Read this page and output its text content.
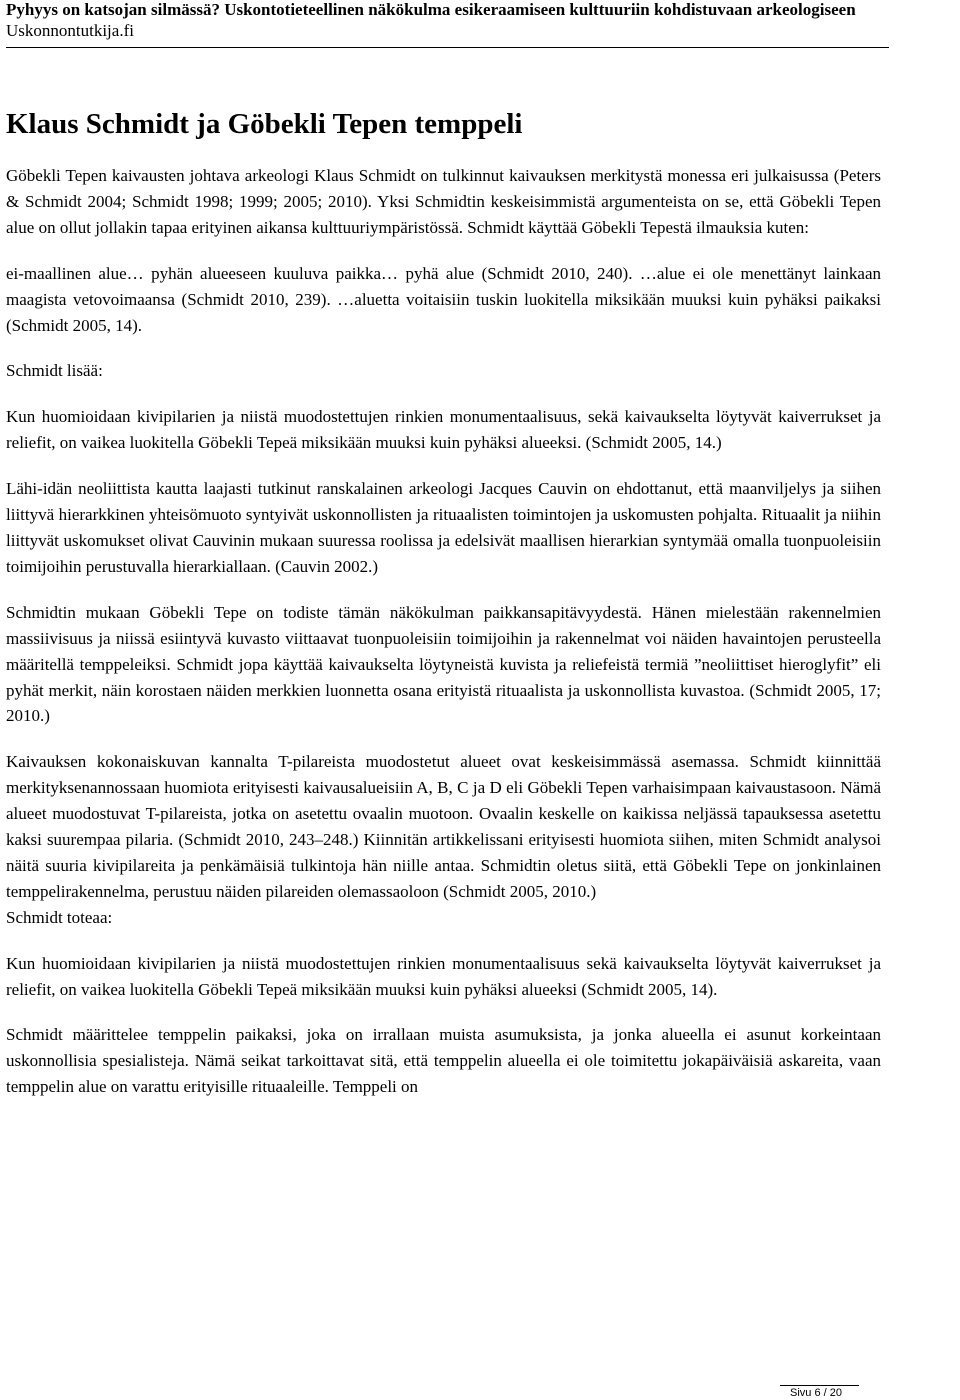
Pyhyys on katsojan silmässä? Uskontotieteellinen näkökulma esikeraamiseen kulttuuriin kohdistuvaan arkeologiseen
Uskonnontutkija.fi
Klaus Schmidt ja Göbekli Tepen temppeli

Göbekli Tepen kaivausten johtava arkeologi Klaus Schmidt on tulkinnut kaivauksen merkitystä monessa eri julkaisussa (Peters & Schmidt 2004; Schmidt 1998; 1999; 2005; 2010). Yksi Schmidtin keskeisimmistä argumenteista on se, että Göbekli Tepen alue on ollut jollakin tapaa erityinen aikansa kulttuuriympäristössä. Schmidt käyttää Göbekli Tepestä ilmauksia kuten:

ei-maallinen alue… pyhän alueeseen kuuluva paikka… pyhä alue (Schmidt 2010, 240). …alue ei ole menettänyt lainkaan maagista vetovoimaansa (Schmidt 2010, 239). …aluetta voitaisiin tuskin luokitella miksikään muuksi kuin pyhäksi paikaksi (Schmidt 2005, 14).

Schmidt lisää:

Kun huomioidaan kivipilarien ja niistä muodostettujen rinkien monumentaalisuus, sekä kaivaukselta löytyvät kaiverrukset ja reliefit, on vaikea luokitella Göbekli Tepeä miksikään muuksi kuin pyhäksi alueeksi. (Schmidt 2005, 14.)

Lähi-idän neoliittista kautta laajasti tutkinut ranskalainen arkeologi Jacques Cauvin on ehdottanut, että maanviljelys ja siihen liittyvä hierarkkinen yhteisömuoto syntyivät uskonnollisten ja rituaalisten toimintojen ja uskomusten pohjalta. Rituaalit ja niihin liittyvät uskomukset olivat Cauvinin mukaan suuressa roolissa ja edelsivät maallisen hierarkian syntymää omalla tuonpuoleisiin toimijoihin perustuvalla hierarkiallaan. (Cauvin 2002.)

Schmidtin mukaan Göbekli Tepe on todiste tämän näkökulman paikkansapitävyydestä. Hänen mielestään rakennelmien massiivisuus ja niissä esiintyvä kuvasto viittaavat tuonpuoleisiin toimijoihin ja rakennelmat voi näiden havaintojen perusteella määritellä temppeleiksi. Schmidt jopa käyttää kaivaukselta löytyneistä kuvista ja reliefeistä termiä ”neoliittiset hieroglyfit” eli pyhät merkit, näin korostaen näiden merkkien luonnetta osana erityistä rituaalista ja uskonnollista kuvastoa. (Schmidt 2005, 17; 2010.)

Kaivauksen kokonaiskuvan kannalta T-pilareista muodostetut alueet ovat keskeisimmässä asemassa. Schmidt kiinnittää merkityksenannossaan huomiota erityisesti kaivausalueisiin A, B, C ja D eli Göbekli Tepen varhaisimpaan kaivaustasoon. Nämä alueet muodostuvat T-pilareista, jotka on asetettu ovaalin muotoon. Ovaalin keskelle on kaikissa neljässä tapauksessa asetettu kaksi suurempaa pilaria. (Schmidt 2010, 243–248.) Kiinnitän artikkelissani erityisesti huomiota siihen, miten Schmidt analysoi näitä suuria kivipilareita ja penkämäisiä tulkintoja hän niille antaa. Schmidtin oletus siitä, että Göbekli Tepe on jonkinlainen temppelirakennelma, perustuu näiden pilareiden olemassaoloon (Schmidt 2005, 2010.)

Schmidt toteaa:

Kun huomioidaan kivipilarien ja niistä muodostettujen rinkien monumentaalisuus sekä kaivaukselta löytyvät kaiverrukset ja reliefit, on vaikea luokitella Göbekli Tepeä miksikään muuksi kuin pyhäksi alueeksi (Schmidt 2005, 14).

Schmidt määrittelee temppelin paikaksi, joka on irrallaan muista asumuksista, ja jonka alueella ei asunut korkeintaan uskonnollisia spesialisteja. Nämä seikat tarkoittavat sitä, että temppelin alueella ei ole toimitettu jokapäiväisiä askareita, vaan temppelin alue on varattu erityisille rituaaleille. Temppeli on

Sivu 6 / 20
